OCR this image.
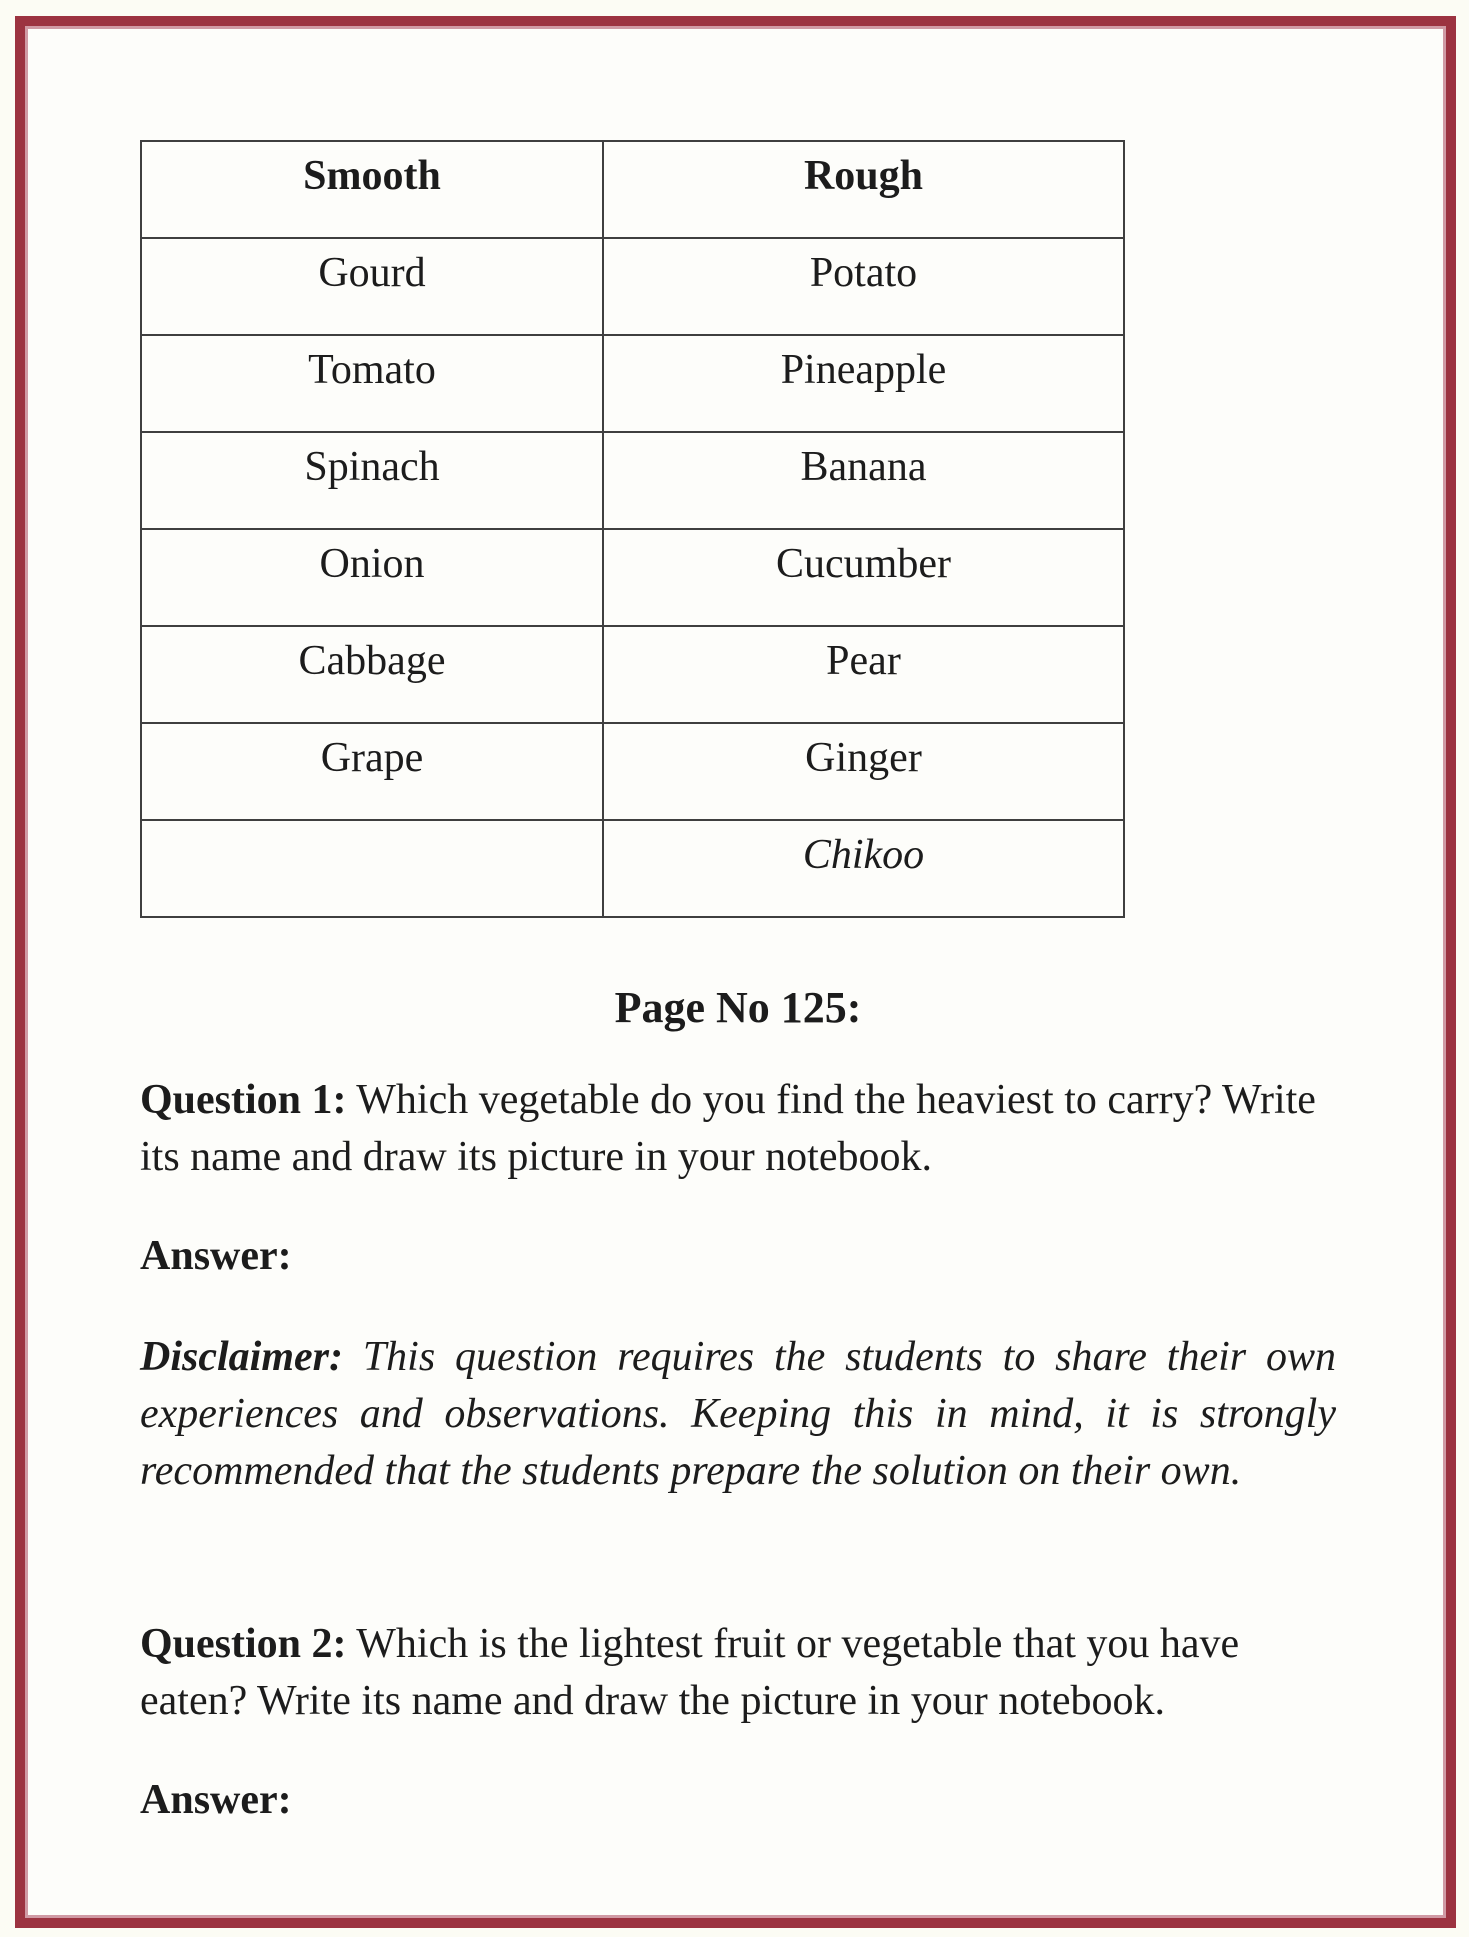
Smooth	Rough
Gourd	Potato
Tomato	Pineapple
Spinach	Banana
Onion	Cucumber
Cabbage	Pear
Grape	Ginger
	Chikoo
Page No 125:

Question 1: Which vegetable do you find the heaviest to carry? Write its name and draw its picture in your notebook.

Answer:

Disclaimer: This question requires the students to share their own experiences and observations. Keeping this in mind, it is strongly recommended that the students prepare the solution on their own.

Question 2: Which is the lightest fruit or vegetable that you have eaten? Write its name and draw the picture in your notebook.

Answer:
